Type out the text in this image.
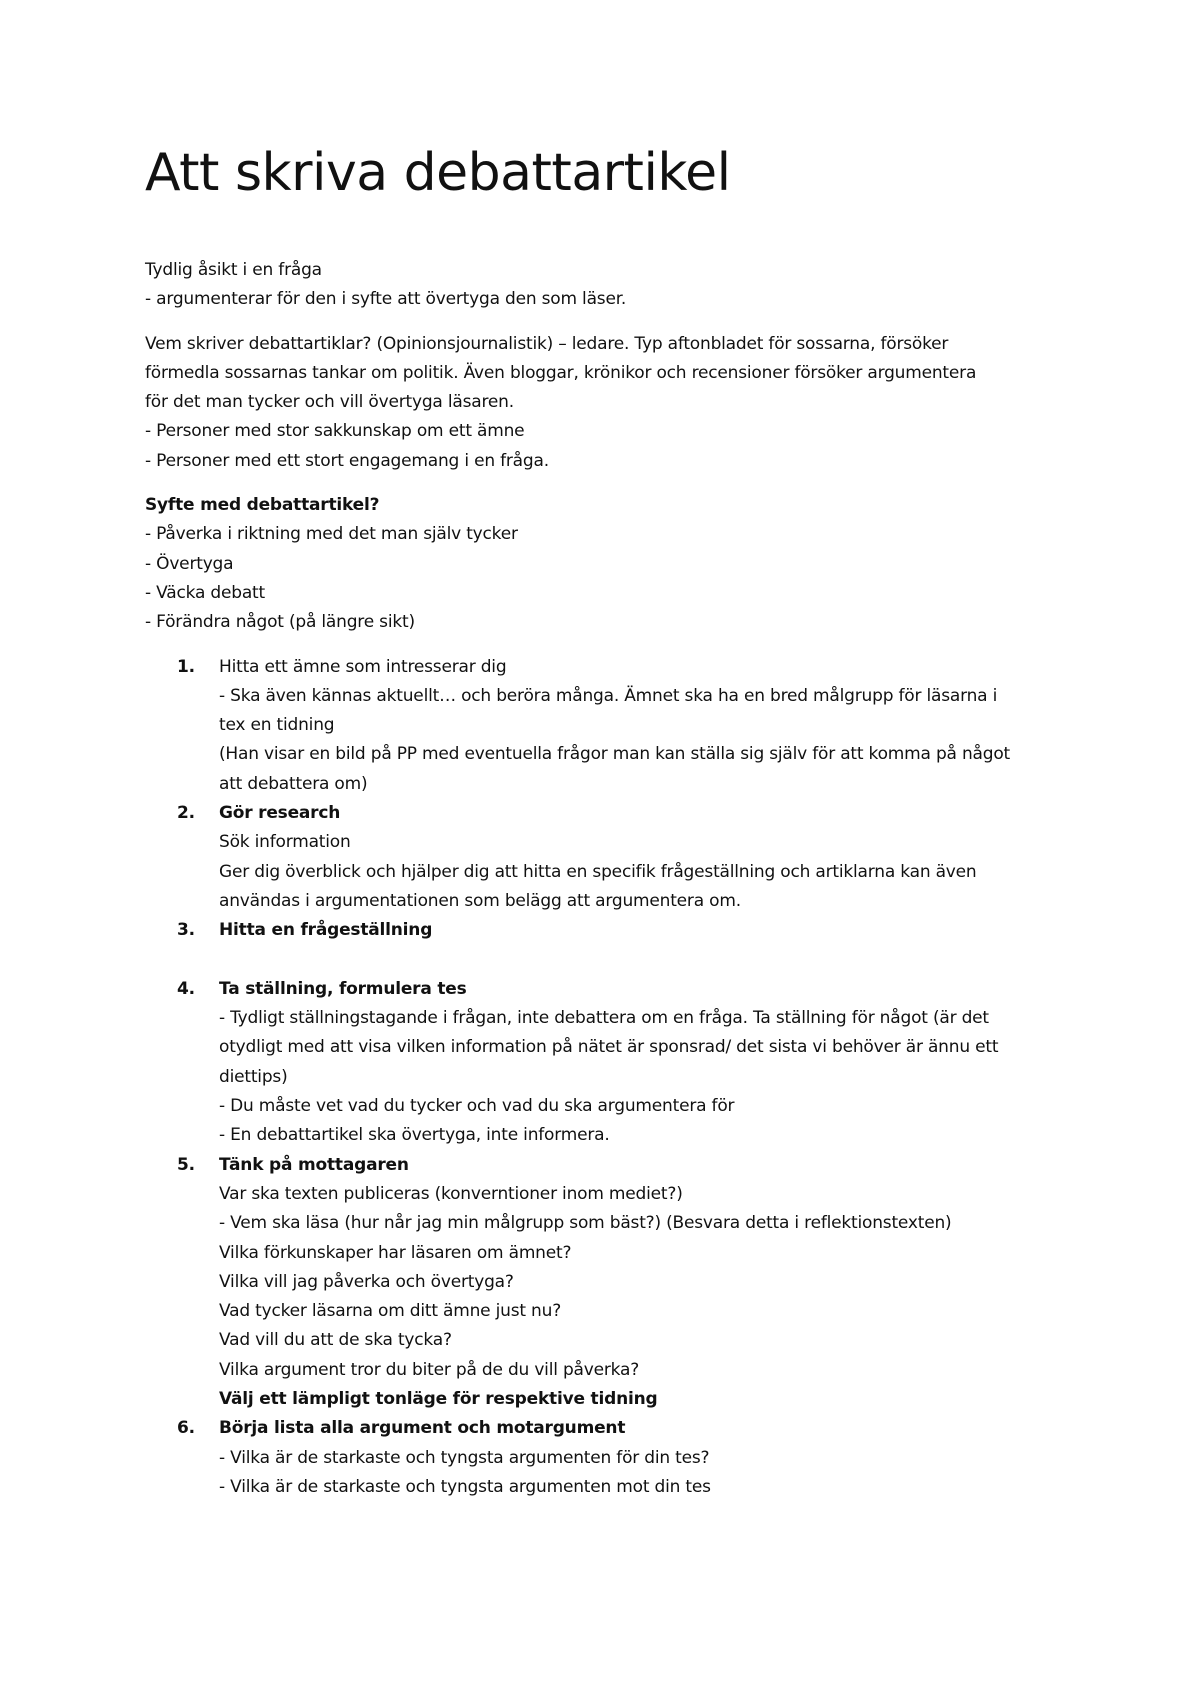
Att skriva debattartikel

Tydlig åsikt i en fråga
- argumenterar för den i syfte att övertyga den som läser.

Vem skriver debattartiklar? (Opinionsjournalistik) – ledare. Typ aftonbladet för sossarna, försöker
förmedla sossarnas tankar om politik. Även bloggar, krönikor och recensioner försöker argumentera
för det man tycker och vill övertyga läsaren.
- Personer med stor sakkunskap om ett ämne
- Personer med ett stort engagemang i en fråga.

Syfte med debattartikel?
- Påverka i riktning med det man själv tycker
- Övertyga
- Väcka debatt
- Förändra något (på längre sikt)

1. Hitta ett ämne som intresserar dig
- Ska även kännas aktuellt… och beröra många. Ämnet ska ha en bred målgrupp för läsarna i
tex en tidning
(Han visar en bild på PP med eventuella frågor man kan ställa sig själv för att komma på något
att debattera om)
2. Gör research
Sök information
Ger dig överblick och hjälper dig att hitta en specifik frågeställning och artiklarna kan även
användas i argumentationen som belägg att argumentera om.
3. Hitta en frågeställning
4. Ta ställning, formulera tes
- Tydligt ställningstagande i frågan, inte debattera om en fråga. Ta ställning för något (är det
otydligt med att visa vilken information på nätet är sponsrad/ det sista vi behöver är ännu ett
diettips)
- Du måste vet vad du tycker och vad du ska argumentera för
- En debattartikel ska övertyga, inte informera.
5. Tänk på mottagaren
Var ska texten publiceras (konverntioner inom mediet?)
- Vem ska läsa (hur når jag min målgrupp som bäst?) (Besvara detta i reflektionstexten)
Vilka förkunskaper har läsaren om ämnet?
Vilka vill jag påverka och övertyga?
Vad tycker läsarna om ditt ämne just nu?
Vad vill du att de ska tycka?
Vilka argument tror du biter på de du vill påverka?
Välj ett lämpligt tonläge för respektive tidning
6. Börja lista alla argument och motargument
- Vilka är de starkaste och tyngsta argumenten för din tes?
- Vilka är de starkaste och tyngsta argumenten mot din tes
